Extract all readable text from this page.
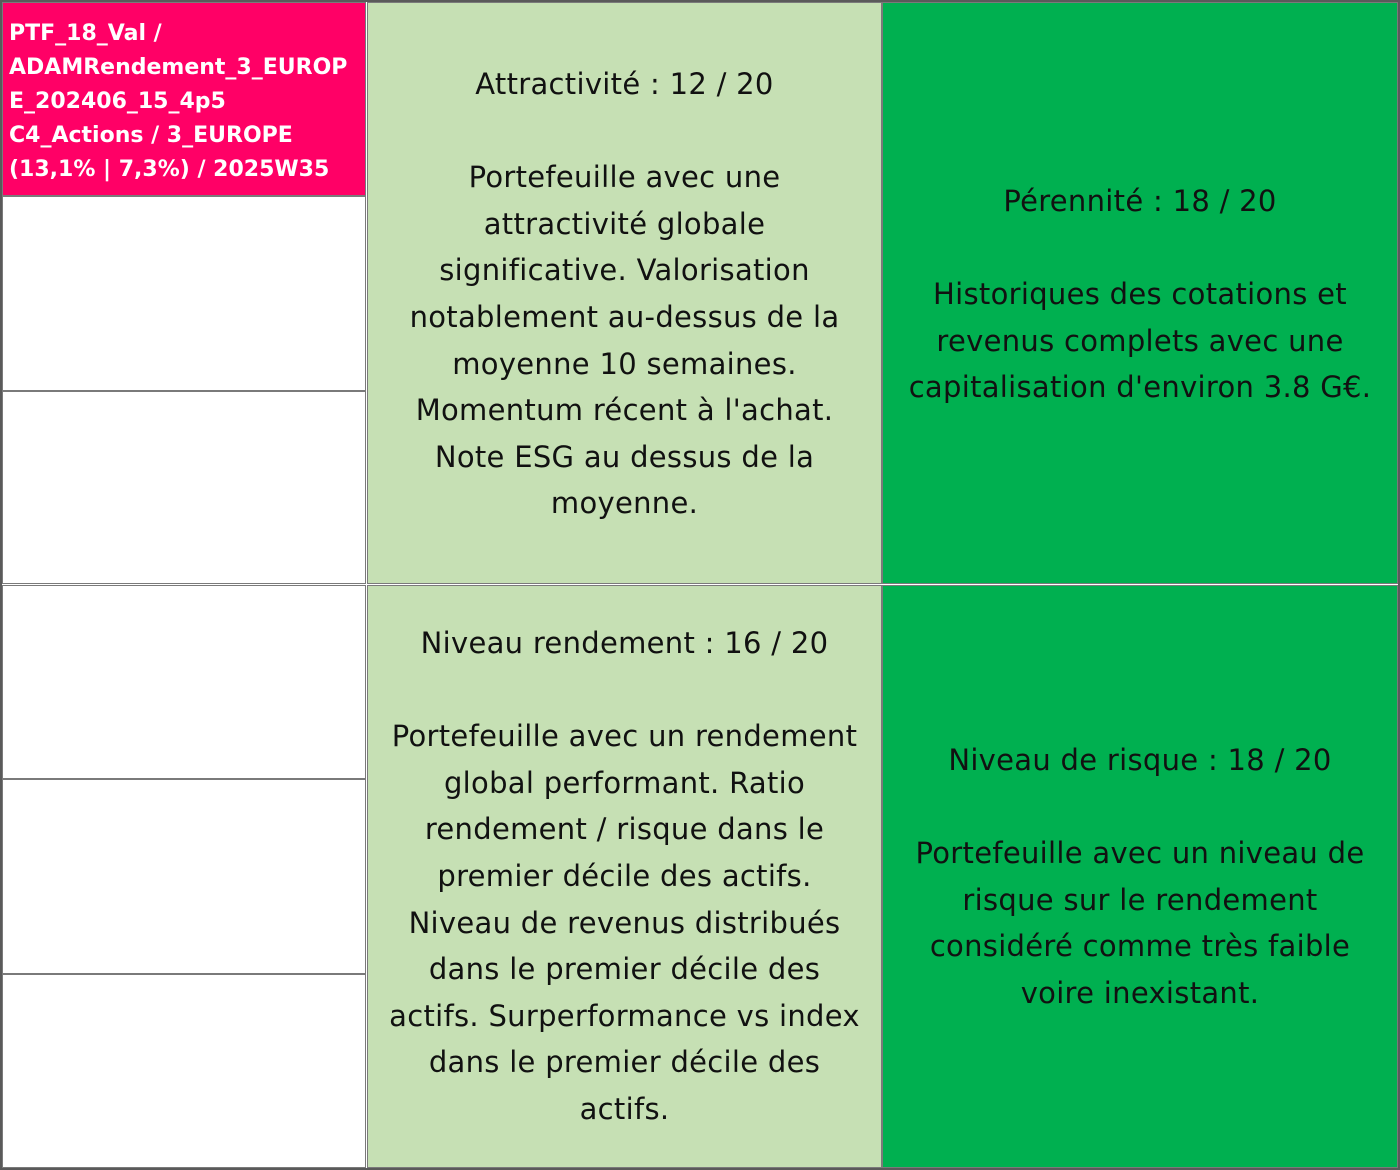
PTF_18_Val /
ADAMRendement_3_EUROP
E_202406_15_4p5
C4_Actions / 3_EUROPE
(13,1% | 7,3%) / 2025W35
Attractivité : 12 / 20
Portefeuille avec une
attractivité globale
significative. Valorisation
notablement au-dessus de la
moyenne 10 semaines.
Momentum récent à l'achat.
Note ESG au dessus de la
moyenne.
Pérennité : 18 / 20
Historiques des cotations et
revenus complets avec une
capitalisation d'environ 3.8 G€.
Niveau rendement : 16 / 20
Portefeuille avec un rendement
global performant. Ratio
rendement / risque dans le
premier décile des actifs.
Niveau de revenus distribués
dans le premier décile des
actifs. Surperformance vs index
dans le premier décile des
actifs.
Niveau de risque : 18 / 20
Portefeuille avec un niveau de
risque sur le rendement
considéré comme très faible
voire inexistant.
